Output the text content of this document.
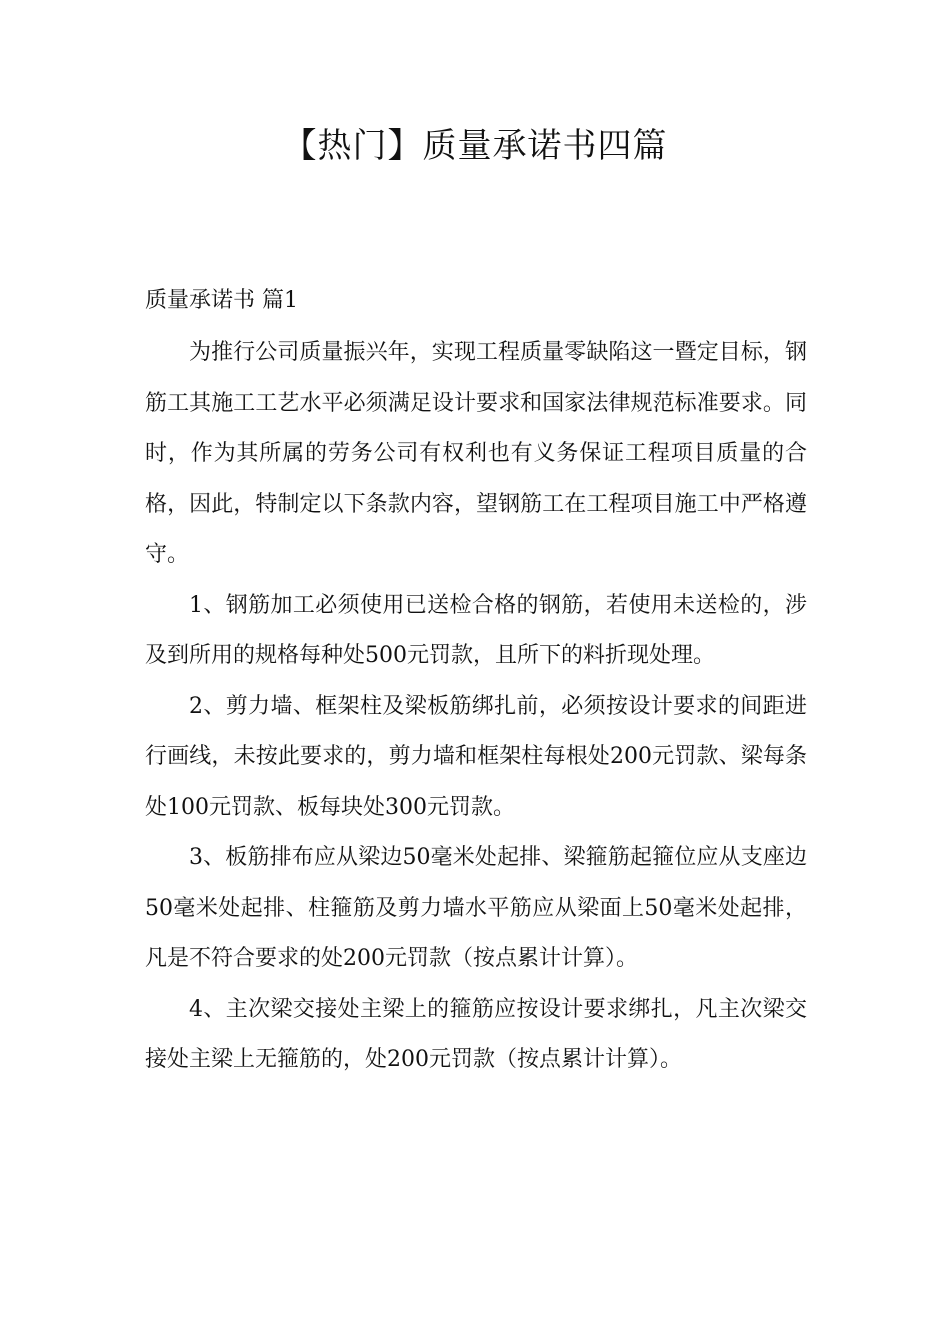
【热门】质量承诺书四篇
质量承诺书 篇1

为推行公司质量振兴年，实现工程质量零缺陷这一暨定目标，钢筋工其施工工艺水平必须满足设计要求和国家法律规范标准要求。同时，作为其所属的劳务公司有权利也有义务保证工程项目质量的合格，因此，特制定以下条款内容，望钢筋工在工程项目施工中严格遵守。

1、钢筋加工必须使用已送检合格的钢筋，若使用未送检的，涉及到所用的规格每种处500元罚款，且所下的料折现处理。

2、剪力墙、框架柱及梁板筋绑扎前，必须按设计要求的间距进行画线，未按此要求的，剪力墙和框架柱每根处200元罚款、梁每条处100元罚款、板每块处300元罚款。

3、板筋排布应从梁边50毫米处起排、梁箍筋起箍位应从支座边50毫米处起排、柱箍筋及剪力墙水平筋应从梁面上50毫米处起排，凡是不符合要求的处200元罚款（按点累计计算）。

4、主次梁交接处主梁上的箍筋应按设计要求绑扎，凡主次梁交接处主梁上无箍筋的，处200元罚款（按点累计计算）。
